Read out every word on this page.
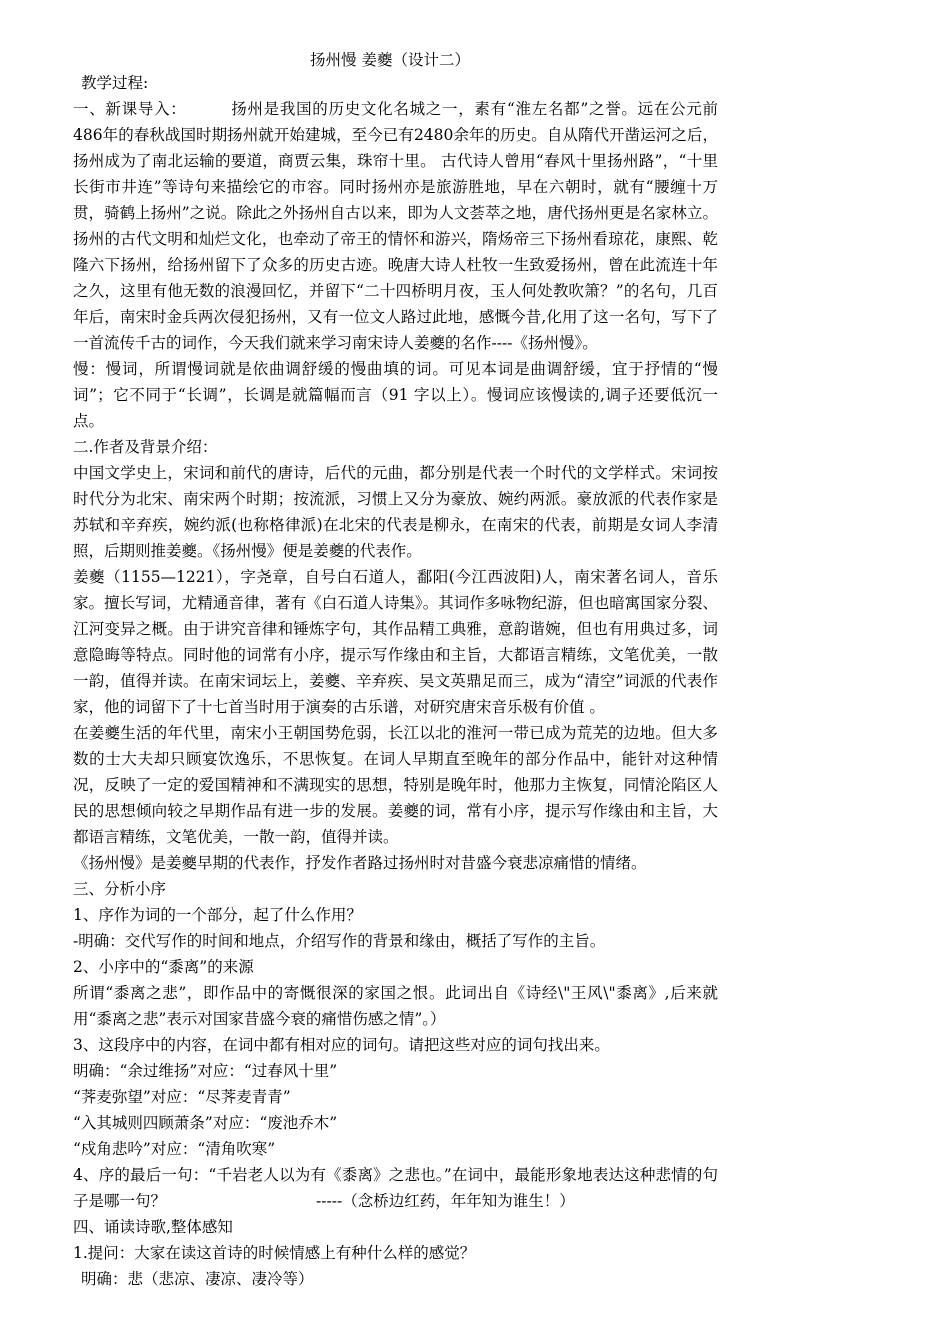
扬州慢 姜夔（设计二）

教学过程:

一、新课导入：	扬州是我国的历史文化名城之一，素有“淮左名都”之誉。远在公元前486年的春秋战国时期扬州就开始建城，至今已有2480余年的历史。自从隋代开凿运河之后，扬州成为了南北运输的要道，商贾云集，珠帘十里。 古代诗人曾用“春风十里扬州路”，“十里长街市井连”等诗句来描绘它的市容。同时扬州亦是旅游胜地，早在六朝时，就有“腰缠十万贯，骑鹤上扬州”之说。除此之外扬州自古以来，即为人文荟萃之地，唐代扬州更是名家林立。扬州的古代文明和灿烂文化，也牵动了帝王的情怀和游兴，隋炀帝三下扬州看琼花，康熙、乾隆六下扬州，给扬州留下了众多的历史古迹。晚唐大诗人杜牧一生致爱扬州，曾在此流连十年之久，这里有他无数的浪漫回忆，并留下“二十四桥明月夜，玉人何处教吹箫？”的名句，几百年后，南宋时金兵两次侵犯扬州，又有一位文人路过此地，感慨今昔,化用了这一名句，写下了一首流传千古的词作，今天我们就来学习南宋诗人姜夔的名作----《扬州慢》。

慢：慢词，所谓慢词就是依曲调舒缓的慢曲填的词。可见本词是曲调舒缓，宜于抒情的“慢词”；它不同于“长调”，长调是就篇幅而言（91 字以上）。慢词应该慢读的,调子还要低沉一点。

二.作者及背景介绍：

中国文学史上，宋词和前代的唐诗，后代的元曲，都分别是代表一个时代的文学样式。宋词按时代分为北宋、南宋两个时期；按流派，习惯上又分为豪放、婉约两派。豪放派的代表作家是苏轼和辛弃疾，婉约派(也称格律派)在北宋的代表是柳永，在南宋的代表，前期是女词人李清照，后期则推姜夔。《扬州慢》便是姜夔的代表作。

姜夔（1155—1221），字尧章，自号白石道人，鄱阳(今江西波阳)人，南宋著名词人，音乐家。擅长写词，尤精通音律，著有《白石道人诗集》。其词作多咏物纪游，但也暗寓国家分裂、江河变异之概。由于讲究音律和锤炼字句，其作品精工典雅，意韵谐婉，但也有用典过多，词意隐晦等特点。同时他的词常有小序，提示写作缘由和主旨，大都语言精练，文笔优美，一散一韵，值得并读。在南宋词坛上，姜夔、辛弃疾、吴文英鼎足而三，成为“清空”词派的代表作家，他的词留下了十七首当时用于演奏的古乐谱，对研究唐宋音乐极有价值 。

在姜夔生活的年代里，南宋小王朝国势危弱，长江以北的淮河一带已成为荒芜的边地。但大多数的士大夫却只顾宴饮逸乐，不思恢复。在词人早期直至晚年的部分作品中，能针对这种情况，反映了一定的爱国精神和不满现实的思想，特别是晚年时，他那力主恢复，同情沦陷区人民的思想倾向较之早期作品有进一步的发展。姜夔的词，常有小序，提示写作缘由和主旨，大都语言精练，文笔优美，一散一韵，值得并读。

《扬州慢》是姜夔早期的代表作，抒发作者路过扬州时对昔盛今衰悲凉痛惜的情绪。

三、分析小序

1、序作为词的一个部分，起了什么作用？

-明确：交代写作的时间和地点，介绍写作的背景和缘由，概括了写作的主旨。

2、小序中的“黍离”的来源

所谓“黍离之悲”，即作品中的寄慨很深的家国之恨。此词出自《诗经\"王风\"黍离》,后来就用“黍离之悲”表示对国家昔盛今衰的痛惜伤感之情”。）

3、这段序中的内容，在词中都有相对应的词句。请把这些对应的词句找出来。

明确：“余过维扬”对应：“过春风十里”

“荠麦弥望”对应：“尽荠麦青青”

“入其城则四顾萧条”对应：“废池乔木”

“戍角悲吟”对应：“清角吹寒”

4、序的最后一句：“千岩老人以为有《黍离》之悲也。”在词中，最能形象地表达这种悲情的句子是哪一句？	-----（念桥边红药，年年知为谁生！）

四、诵读诗歌,整体感知

1.提问：大家在读这首诗的时候情感上有种什么样的感觉？

明确：悲（悲凉、凄凉、凄冷等）
